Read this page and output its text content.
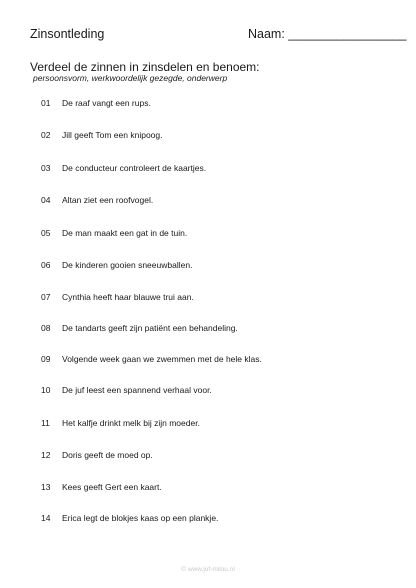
Zinsontleding	Naam: _________________
Verdeel de zinnen in zinsdelen en benoem:
persoonsvorm, werkwoordelijk gezegde, onderwerp
01 De raaf vangt een rups.
02 Jill geeft Tom een knipoog.
03 De conducteur controleert de kaartjes.
04 Altan ziet een roofvogel.
05 De man maakt een gat in de tuin.
06 De kinderen gooien sneeuwballen.
07 Cynthia heeft haar blauwe trui aan.
08 De tandarts geeft zijn patiënt een behandeling.
09 Volgende week gaan we zwemmen met de hele klas.
10 De juf leest een spannend verhaal voor.
11 Het kalfje drinkt melk bij zijn moeder.
12 Doris geeft de moed op.
13 Kees geeft Gert een kaart.
14 Erica legt de blokjes kaas op een plankje.
© www.juf-milou.nl
